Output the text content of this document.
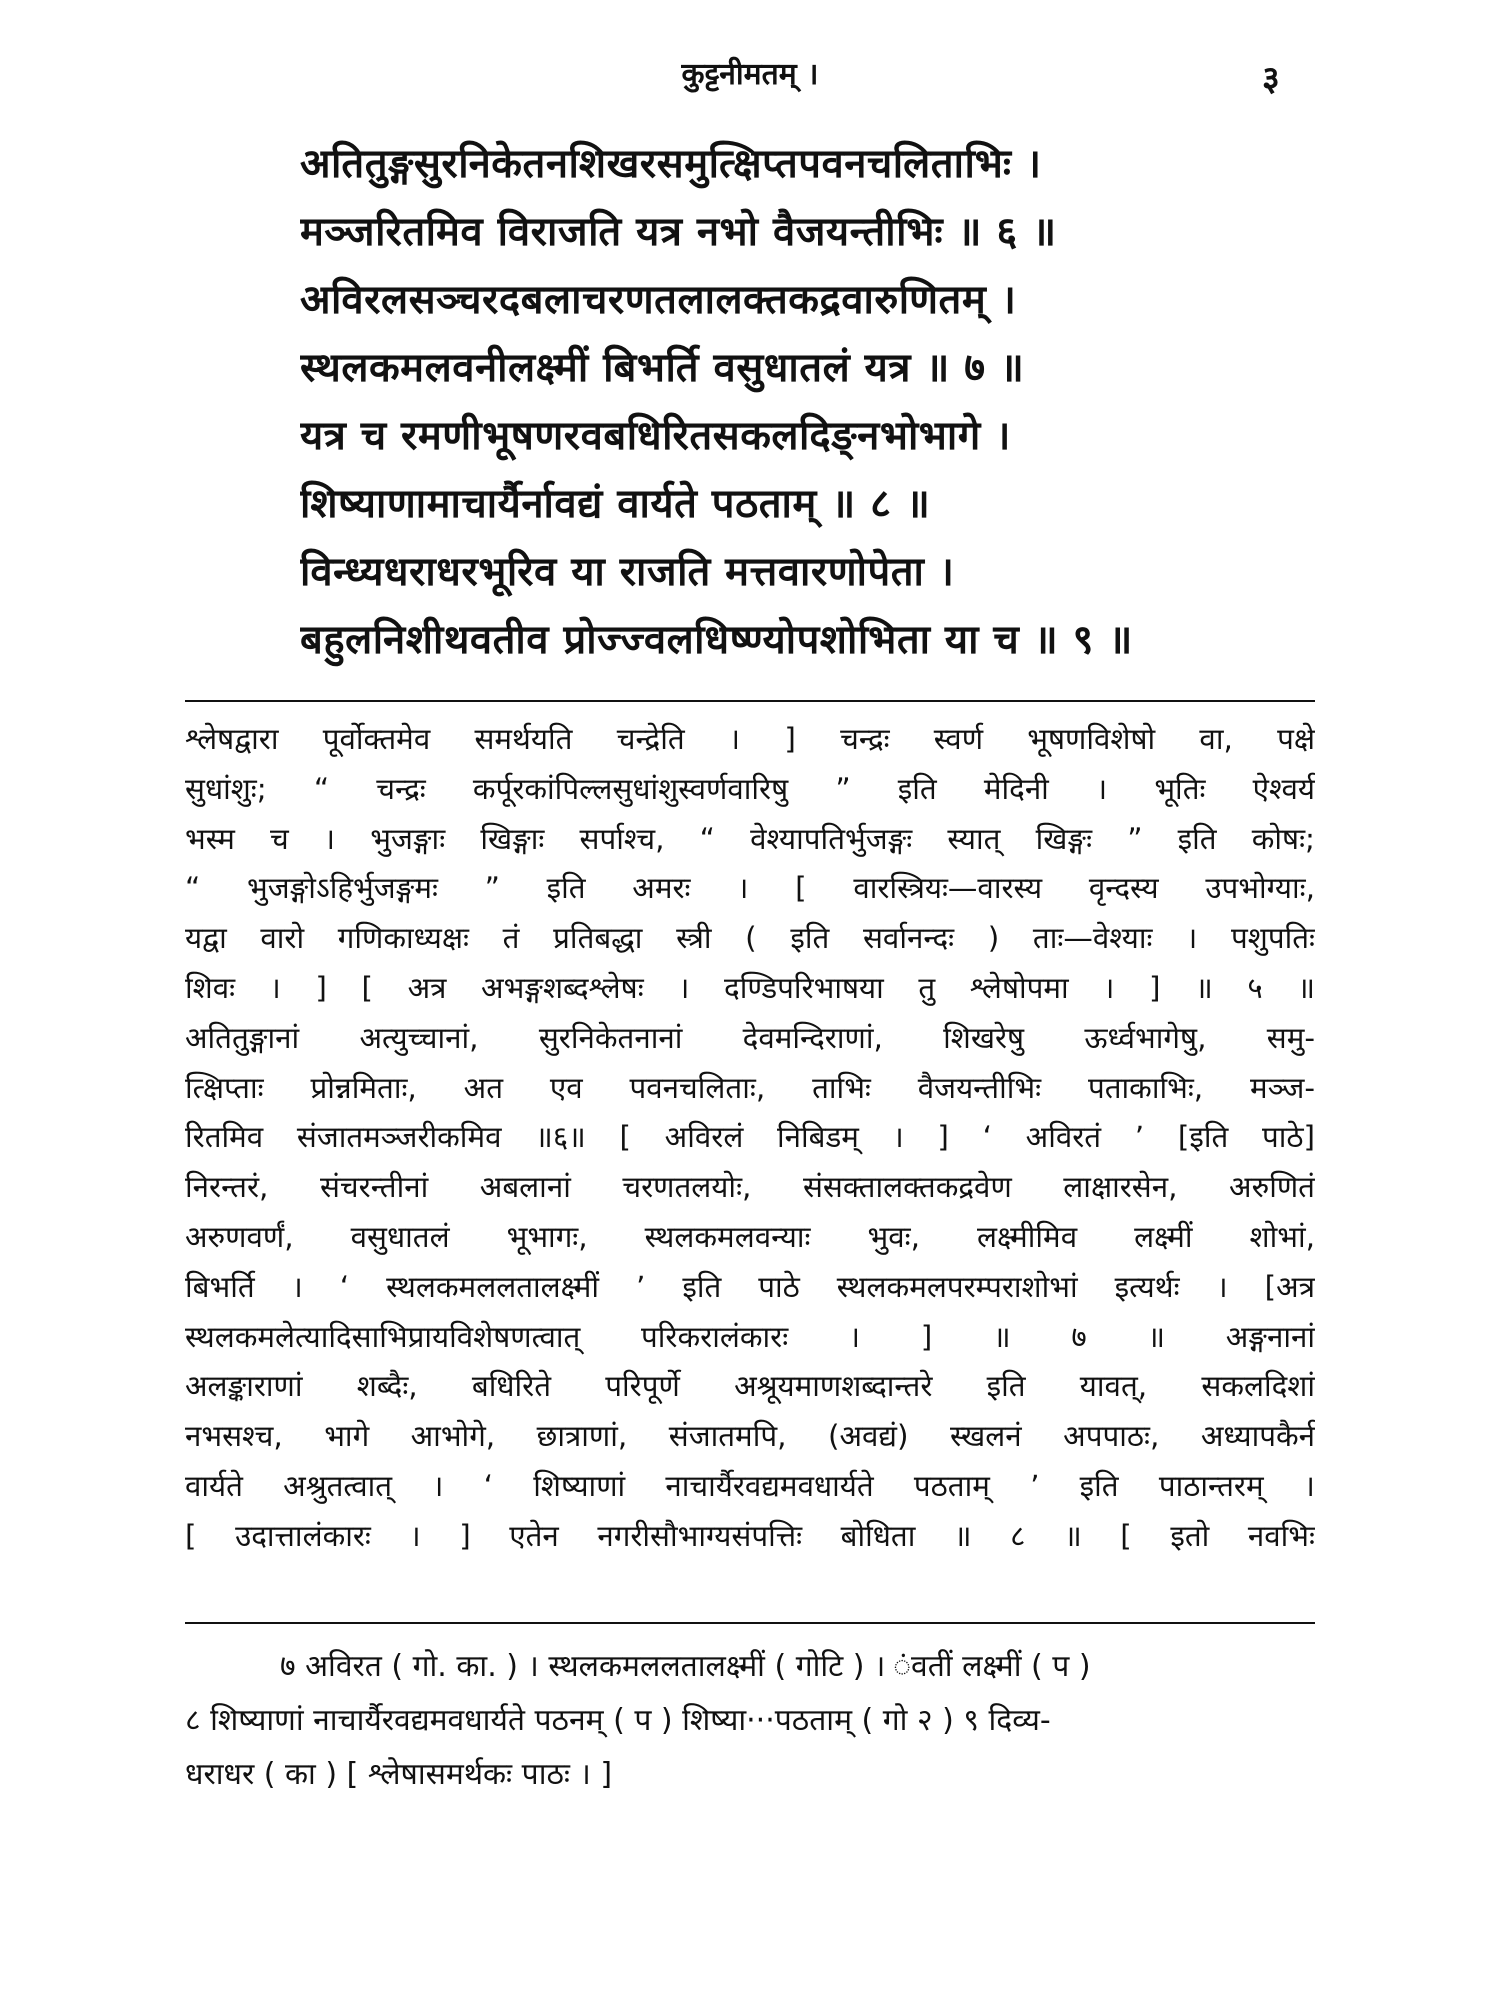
कुट्टनीमतम् ।	३
अतितुङ्गसुरनिकेतनशिखरसमुत्क्षिप्तपवनचलिताभिः ।
मञ्जरितमिव विराजति यत्र नभो वैजयन्तीभिः ॥ ६ ॥
अविरलसञ्चरदबलाचरणतलालक्तकद्रवारुणितम् ।
स्थलकमलवनीलक्ष्मीं बिभर्ति वसुधातलं यत्र ॥ ७ ॥
यत्र च रमणीभूषणरवबधिरितसकलदिङ्नभोभागे ।
शिष्याणामाचार्यैर्नावद्यं वार्यते पठताम् ॥ ८ ॥
विन्ध्यधराधरभूरिव या राजति मत्तवारणोपेता ।
बहुलनिशीथवतीव प्रोज्ज्वलधिष्ण्योपशोभिता या च ॥ ९ ॥
श्लेषद्वारा पूर्वोक्तमेव समर्थयति चन्द्रेति । ] चन्द्रः स्वर्ण भूषणविशेषो वा, पक्षे
सुधांशुः; “ चन्द्रः कर्पूरकांपिल्लसुधांशुस्वर्णवारिषु ” इति मेदिनी । भूतिः ऐश्वर्य
भस्म च । भुजङ्गाः खिङ्गाः सर्पाश्च, “ वेश्यापतिर्भुजङ्गः स्यात् खिङ्गः ” इति कोषः;
“ भुजङ्गोऽहिर्भुजङ्गमः ” इति अमरः । [ वारस्त्रियः—वारस्य वृन्दस्य उपभोग्याः,
यद्वा वारो गणिकाध्यक्षः तं प्रतिबद्धा स्त्री ( इति सर्वानन्दः ) ताः—वेश्याः । पशुपतिः
शिवः । ] [ अत्र अभङ्गशब्दश्लेषः । दण्डिपरिभाषया तु श्लेषोपमा । ] ॥ ५ ॥
अतितुङ्गानां अत्युच्चानां, सुरनिकेतनानां देवमन्दिराणां, शिखरेषु ऊर्ध्वभागेषु, समु-
त्क्षिप्ताः प्रोन्नमिताः, अत एव पवनचलिताः, ताभिः वैजयन्तीभिः पताकाभिः, मञ्ज-
रितमिव संजातमञ्जरीकमिव ॥६॥ [ अविरलं निबिडम् । ] ‘ अविरतं ’ [इति पाठे]
निरन्तरं, संचरन्तीनां अबलानां चरणतलयोः, संसक्तालक्तकद्रवेण लाक्षारसेन, अरुणितं
अरुणवर्णं, वसुधातलं भूभागः, स्थलकमलवन्याः भुवः, लक्ष्मीमिव लक्ष्मीं शोभां,
बिभर्ति । ‘ स्थलकमललतालक्ष्मीं ’ इति पाठे स्थलकमलपरम्पराशोभां इत्यर्थः । [अत्र
स्थलकमलेत्यादिसाभिप्रायविशेषणत्वात् परिकरालंकारः । ] ॥ ७ ॥ अङ्गनानां
अलङ्काराणां शब्दैः, बधिरिते परिपूर्णे अश्रूयमाणशब्दान्तरे इति यावत्, सकलदिशां
नभसश्च, भागे आभोगे, छात्राणां, संजातमपि, (अवद्यं) स्खलनं अपपाठः, अध्यापकैर्न
वार्यते अश्रुतत्वात् । ‘ शिष्याणां नाचार्यैरवद्यमवधार्यते पठताम् ’ इति पाठान्तरम् ।
[ उदात्तालंकारः । ] एतेन नगरीसौभाग्यसंपत्तिः बोधिता ॥ ८ ॥ [ इतो नवभिः
७ अविरत ( गो. का. ) । स्थलकमललतालक्ष्मीं ( गोटि ) । ंवतीं लक्ष्मीं ( प )
८ शिष्याणां नाचार्यैरवद्यमवधार्यते पठनम् ( प ) शिष्या···पठताम् ( गो २ ) ९ दिव्य-
धराधर ( का ) [ श्लेषासमर्थकः पाठः । ]
